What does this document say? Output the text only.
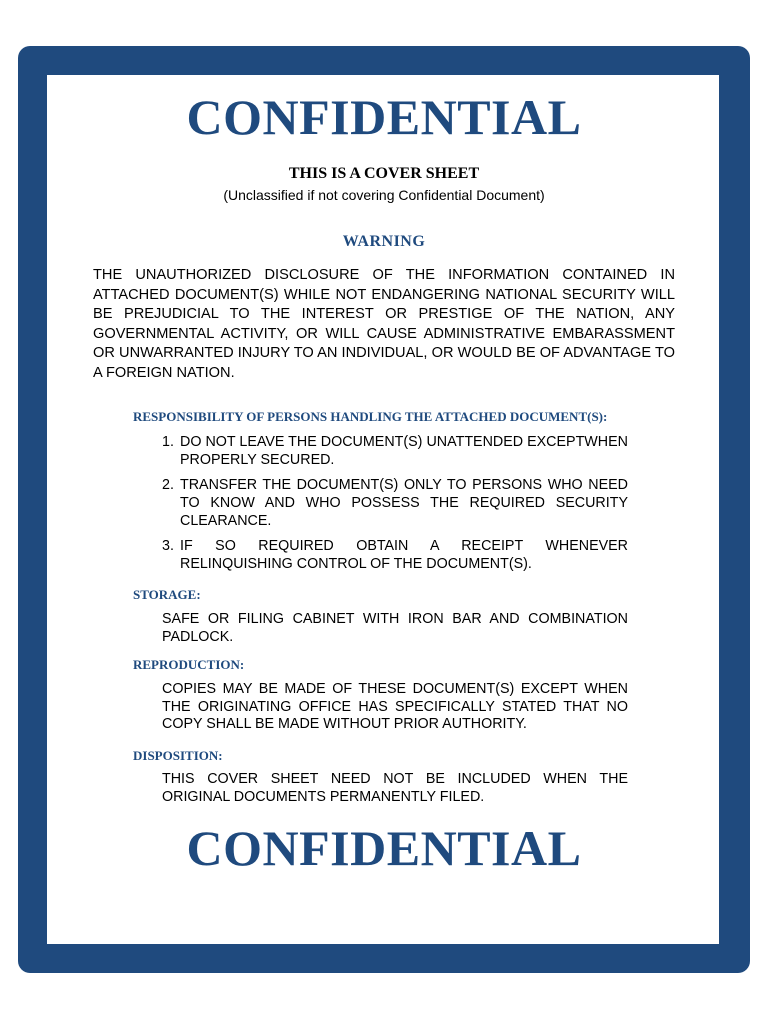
CONFIDENTIAL
THIS IS A COVER SHEET
(Unclassified if not covering Confidential Document)
WARNING

THE UNAUTHORIZED DISCLOSURE OF THE INFORMATION CONTAINED IN ATTACHED DOCUMENT(S) WHILE NOT ENDANGERING NATIONAL SECURITY WILL BE PREJUDICIAL TO THE INTEREST OR PRESTIGE OF THE NATION, ANY GOVERNMENTAL ACTIVITY, OR WILL CAUSE ADMINISTRATIVE EMBARASSMENT OR UNWARRANTED INJURY TO AN INDIVIDUAL, OR WOULD BE OF ADVANTAGE TO A FOREIGN NATION.

RESPONSIBILITY OF PERSONS HANDLING THE ATTACHED DOCUMENT(S):
1. DO NOT LEAVE THE DOCUMENT(S) UNATTENDED EXCEPTWHEN PROPERLY SECURED.
2. TRANSFER THE DOCUMENT(S) ONLY TO PERSONS WHO NEED TO KNOW AND WHO POSSESS THE REQUIRED SECURITY CLEARANCE.
3. IF SO REQUIRED OBTAIN A RECEIPT WHENEVER RELINQUISHING CONTROL OF THE DOCUMENT(S).
STORAGE:

SAFE OR FILING CABINET WITH IRON BAR AND COMBINATION PADLOCK.

REPRODUCTION:

COPIES MAY BE MADE OF THESE DOCUMENT(S) EXCEPT WHEN THE ORIGINATING OFFICE HAS SPECIFICALLY STATED THAT NO COPY SHALL BE MADE WITHOUT PRIOR AUTHORITY.

DISPOSITION:

THIS COVER SHEET NEED NOT BE INCLUDED WHEN THE ORIGINAL DOCUMENTS PERMANENTLY FILED.

CONFIDENTIAL
